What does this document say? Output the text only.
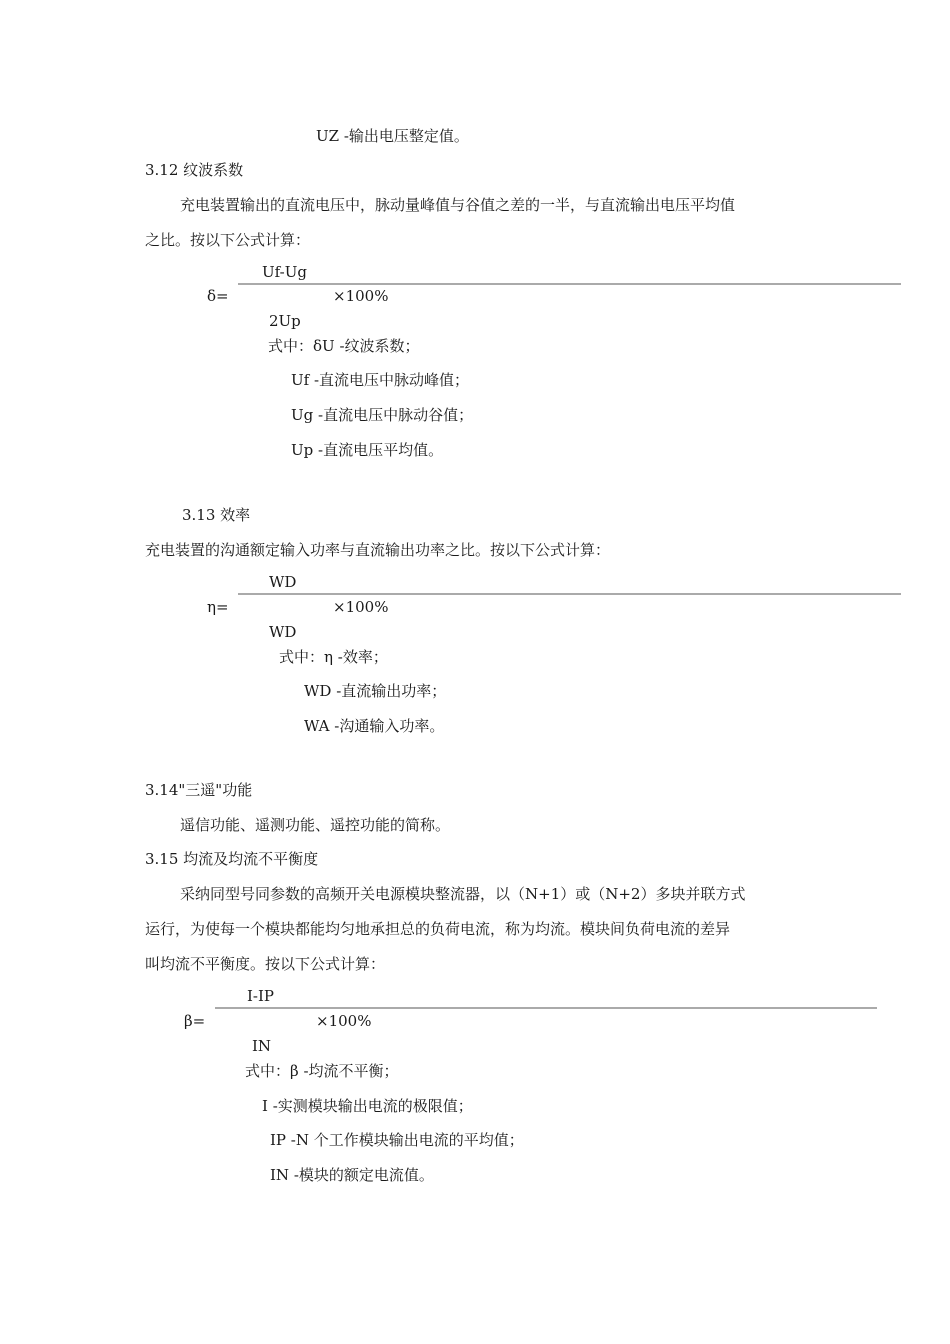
UZ -输出电压整定值。
3.12 纹波系数
充电装置输出的直流电压中，脉动量峰值与谷值之差的一半，与直流输出电压平均值
之比。按以下公式计算：
Uf-Ug
δ=	×100%
2Up
式中：δU -纹波系数；
Uf -直流电压中脉动峰值；
Ug -直流电压中脉动谷值；
Up -直流电压平均值。
3.13 效率
充电装置的沟通额定输入功率与直流输出功率之比。按以下公式计算：
WD
η=	×100%
WD
式中：η -效率；
WD -直流输出功率；
WA -沟通输入功率。
3.14"三遥"功能
遥信功能、遥测功能、遥控功能的简称。
3.15 均流及均流不平衡度
采纳同型号同参数的高频开关电源模块整流器，以（N+1）或（N+2）多块并联方式
运行，为使每一个模块都能均匀地承担总的负荷电流，称为均流。模块间负荷电流的差异
叫均流不平衡度。按以下公式计算：
I-IP
β=	×100%
IN
式中：β -均流不平衡；
I -实测模块输出电流的极限值；
IP -N 个工作模块输出电流的平均值；
IN -模块的额定电流值。
